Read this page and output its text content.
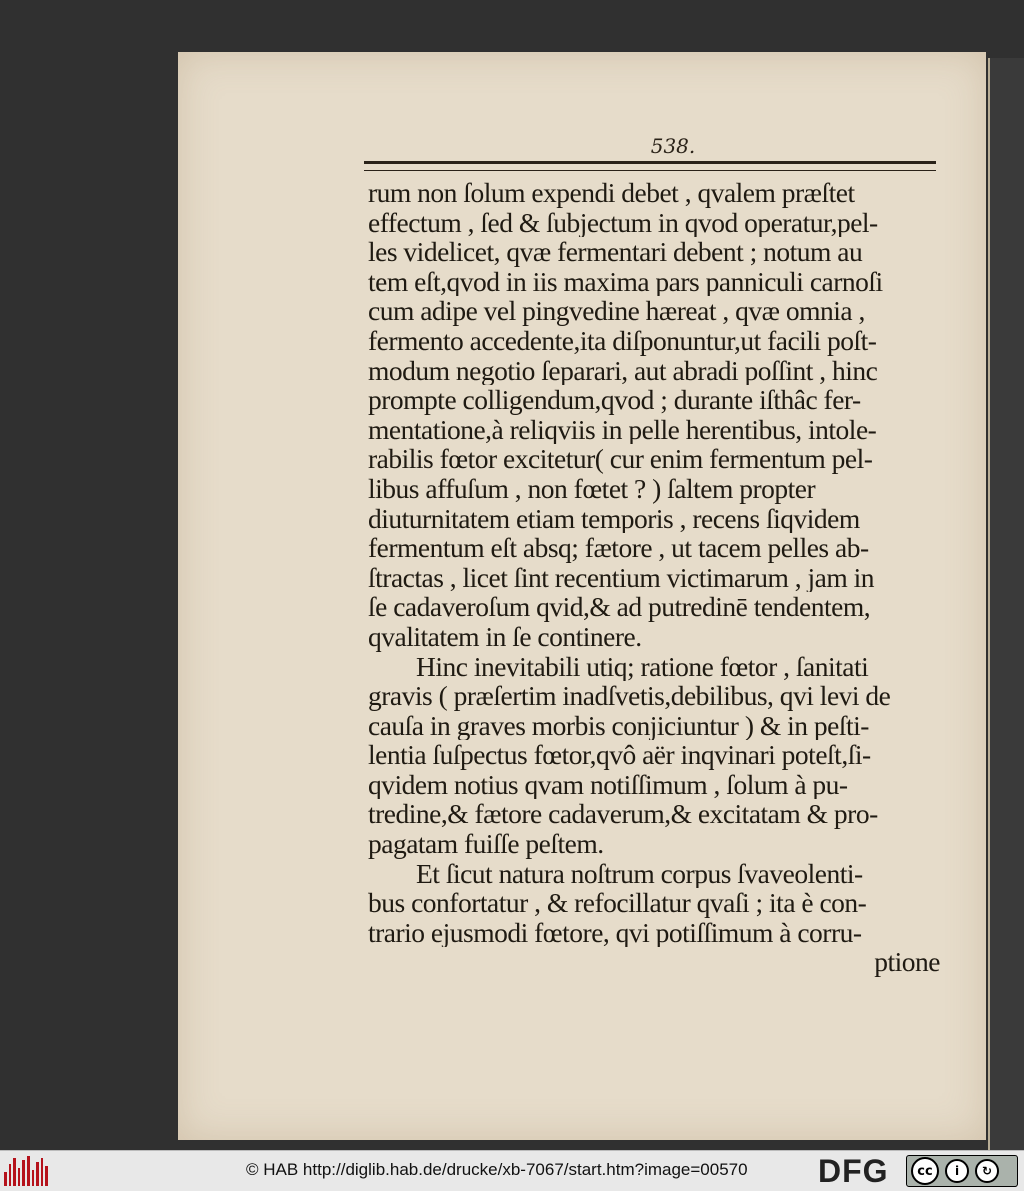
538.
rum non ſolum expendi debet , qvalem præſtet
effectum , ſed & ſubjectum in qvod operatur,pel-
les videlicet, qvæ fermentari debent ; notum au
tem eſt,qvod in iis maxima pars panniculi carnoſi
cum adipe vel pingvedine hæreat , qvæ omnia ,
fermento accedente,ita diſponuntur,ut facili poſt-
modum negotio ſeparari, aut abradi poſſint , hinc
prompte colligendum,qvod ; durante iſthâc fer-
mentatione,à reliqviis in pelle herentibus, intole-
rabilis fœtor excitetur( cur enim fermentum pel-
libus affuſum , non fœtet ? ) ſaltem propter
diuturnitatem etiam temporis , recens ſiqvidem
fermentum eſt absq; fætore , ut tacem pelles ab-
ſtractas , licet ſint recentium victimarum , jam in
ſe cadaveroſum qvid,& ad putredinē tendentem,
qvalitatem in ſe continere.
Hinc inevitabili utiq; ratione fœtor , ſanitati
gravis ( præſertim inadſvetis,debilibus, qvi levi de
cauſa in graves morbis conjiciuntur ) & in peſti-
lentia ſuſpectus fœtor,qvô aër inqvinari poteſt,ſi-
qvidem notius qvam notiſſimum , ſolum à pu-
tredine,& fætore cadaverum,& excitatam & pro-
pagatam fuiſſe peſtem.
Et ſicut natura noſtrum corpus ſvaveolenti-
bus confortatur , & refocillatur qvaſi ; ita è con-
trario ejusmodi fœtore, qvi potiſſimum à corru-
ptione
© HAB http://diglib.hab.de/drucke/xb-7067/start.htm?image=00570 DFG	cc	i	↻
